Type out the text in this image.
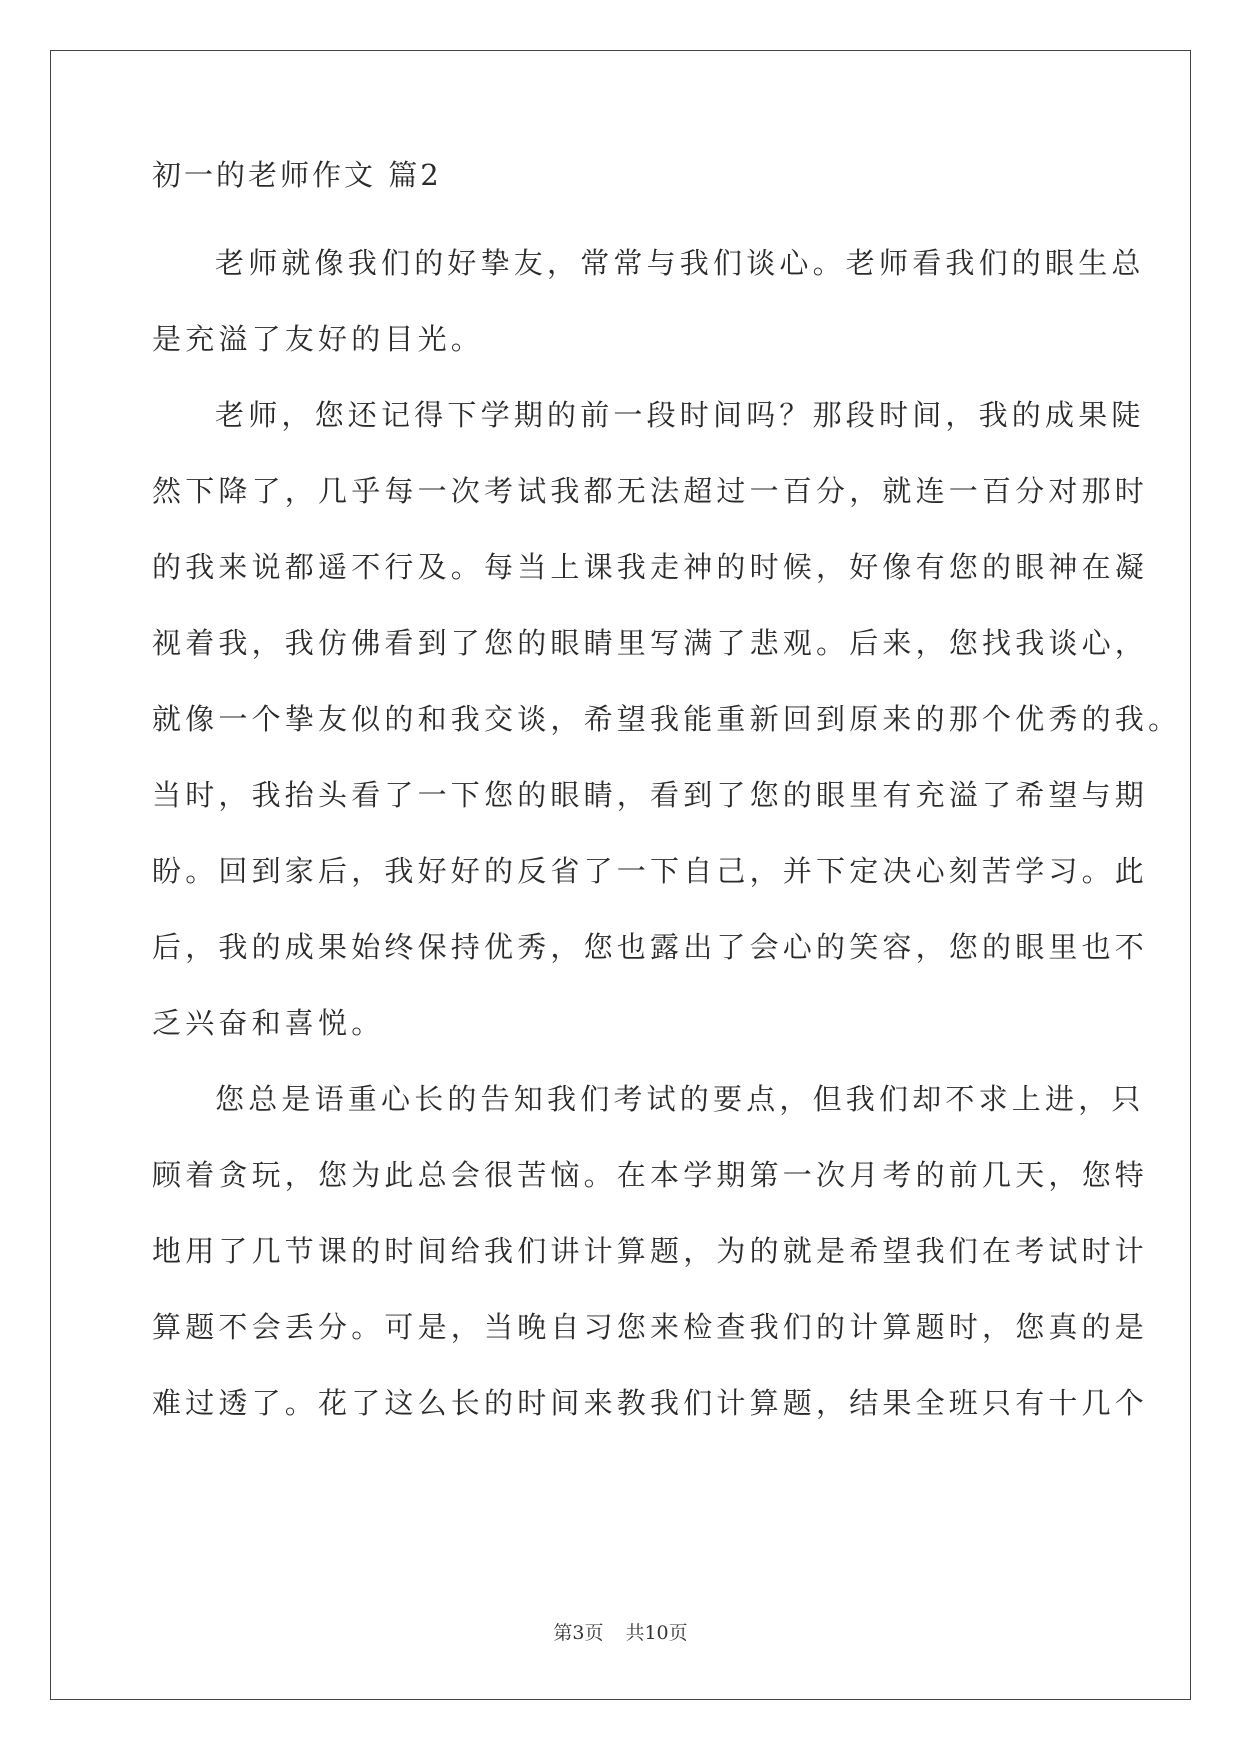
初一的老师作文 篇2
老师就像我们的好挚友，常常与我们谈心。老师看我们的眼生总
是充溢了友好的目光。
老师，您还记得下学期的前一段时间吗？那段时间，我的成果陡
然下降了，几乎每一次考试我都无法超过一百分，就连一百分对那时
的我来说都遥不行及。每当上课我走神的时候，好像有您的眼神在凝
视着我，我仿佛看到了您的眼睛里写满了悲观。后来，您找我谈心，
就像一个挚友似的和我交谈，希望我能重新回到原来的那个优秀的我。
当时，我抬头看了一下您的眼睛，看到了您的眼里有充溢了希望与期
盼。回到家后，我好好的反省了一下自己，并下定决心刻苦学习。此
后，我的成果始终保持优秀，您也露出了会心的笑容，您的眼里也不
乏兴奋和喜悦。
您总是语重心长的告知我们考试的要点，但我们却不求上进，只
顾着贪玩，您为此总会很苦恼。在本学期第一次月考的前几天，您特
地用了几节课的时间给我们讲计算题，为的就是希望我们在考试时计
算题不会丢分。可是，当晚自习您来检查我们的计算题时，您真的是
难过透了。花了这么长的时间来教我们计算题，结果全班只有十几个
第3页 共10页
